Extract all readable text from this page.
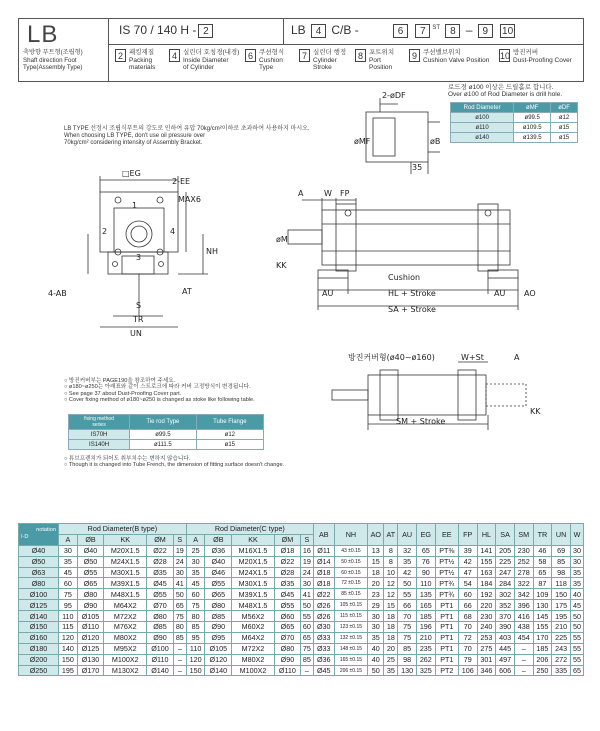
LB
축방향 푸트형(조립형)
Shaft direction Foot
Type(Assembly Type)
IS 70 / 140 H - 2	LB 4 C/B -	6 7 $^{ST}$ 8 – 9 10
2 패킹재질
Packing
materials
4 실린더 호칭경(내경)
Inside Diameter
of Cylinder
6 쿠션형식
Cushion
Type
7 실린더 행정
Cylinder
Stroke
8 포트위치
Port
Position
9 쿠션밸브위치
Cushion Valve Position 10 방진커버
Dust-Proofing Cover
로드경 ø100 이상은 드릴홀로 합니다.
Over ø100 of Rod Diameter is drill hole.
Rod Diameter	øMF	øDF
ø100	ø99.5	ø12
ø110	ø109.5	ø15
ø140	ø139.5	ø15
LB TYPE 선정시 조립식푸트의 강도로 인하여 유압 70kg/cm²이하로 초과하여 사용하지 마시오.
When choosing LB TYPE, don't use oil pressure over
70kg/cm² considering intensity of Assembly Bracket.
□EG
2-EE
MAX6
NH
AT
TR
UN
4-AB
S
1
2
3
4
A	W FP
øM
KK
Cushion
AU	HL + Stroke	AU AO
SA + Stroke
2-øDF
øMF	øB
35
방진커버형(ø40~ø160)	W+St	A
KK
SM + Stroke
○ 방진커버부는 PAGE190을 참조하여 주세요.
○ ø180~ø250는 아래표와 같이 스트로크에 따라 커버 고정방식이 변경됩니다.
○ See page 37 about Dust-Proofing Cover part.
○ Cover fixing method of ø180~ø250 is changed as stoke like following table.
fixing method
series	Tie rod Type	Tube Flange
IS70H	ø99.5	ø12
IS140H	ø111.5	ø15
○ 튜브프렌치가 되어도 취부치수는 변하지 않습니다.
○ Though it is changed into Tube French, the dimension of fitting surface doesn't change.
notation
I·D	Rod Diameter(B type)					Rod Diameter(C type)					AB	NH	AO	AT	AU	EG	EE	FP	HL	SA	SM	TR	UN	W
	A	ØB	KK	ØM	S	A	ØB	KK	ØM	S														
Ø40	30	Ø40	M20X1.5	Ø22	19	25	Ø36	M16X1.5	Ø18	16	Ø11	43 ±0.15	13	8	32	65	PT⅜	39	141	205	230	46	69	30
Ø50	35	Ø50	M24X1.5	Ø28	24	30	Ø40	M20X1.5	Ø22	19	Ø14	50 ±0.15	15	8	35	76	PT½	42	155	225	252	58	85	30
Ø63	45	Ø55	M30X1.5	Ø35	30	35	Ø46	M24X1.5	Ø28	24	Ø18	60 ±0.15	18	10	42	90	PT½	47	163	247	278	65	98	35
Ø80	60	Ø65	M39X1.5	Ø45	41	45	Ø55	M30X1.5	Ø35	30	Ø18	72 ±0.15	20	12	50	110	PT¾	54	184	284	322	87	118	35
Ø100	75	Ø80	M48X1.5	Ø55	50	60	Ø65	M39X1.5	Ø45	41	Ø22	85 ±0.15	23	12	55	135	PT¾	60	192	302	342	109	150	40
Ø125	95	Ø90	M64X2	Ø70	65	75	Ø80	M48X1.5	Ø55	50	Ø26	105 ±0.15	29	15	66	165	PT1	66	220	352	396	130	175	45
Ø140	110	Ø105	M72X2	Ø80	75	80	Ø85	M56X2	Ø60	55	Ø26	115 ±0.15	30	18	70	185	PT1	68	230	370	416	145	195	50
Ø150	115	Ø110	M76X2	Ø85	80	85	Ø90	M60X2	Ø65	60	Ø30	123 ±0.15	30	18	75	196	PT1	70	240	390	438	155	210	50
Ø160	120	Ø120	M80X2	Ø90	85	95	Ø95	M64X2	Ø70	65	Ø33	132 ±0.15	35	18	75	210	PT1	72	253	403	454	170	225	55
Ø180	140	Ø125	M95X2	Ø100	–	110	Ø105	M72X2	Ø80	75	Ø33	148 ±0.15	40	20	85	235	PT1	70	275	445	–	185	243	55
Ø200	150	Ø130	M100X2	Ø110	–	120	Ø120	M80X2	Ø90	85	Ø36	165 ±0.15	40	25	98	262	PT1	79	301	497	–	206	272	55
Ø250	195	Ø170	M130X2	Ø140	–	150	Ø140	M100X2	Ø110	–	Ø45	206 ±0.15	50	35	130	325	PT2	106	346	606	–	250	335	65
